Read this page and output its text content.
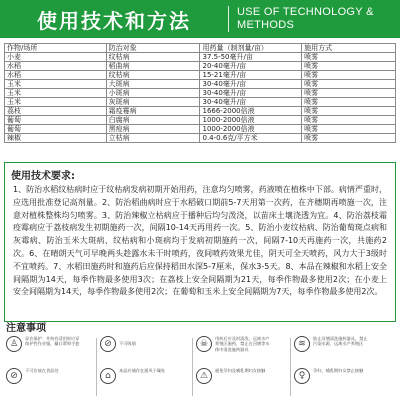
使用技术和方法	USE OF TECHNOLOGY &
METHODS
作物/场所	防治对象	用药量（制剂量/亩）	施用方式
小麦	纹枯病	37.5-50毫升/亩	喷雾
水稻	稻曲病	20-40毫升/亩	喷雾
水稻	纹枯病	15-21毫升/亩	喷雾
玉米	大斑病	30-40毫升/亩	喷雾
玉米	小斑病	30-40毫升/亩	喷雾
玉米	灰斑病	30-40毫升/亩	喷雾
荔枝	霜疫霉病	1666-2000倍液	喷雾
葡萄	白腐病	1000-2000倍液	喷雾
葡萄	黑痘病	1000-2000倍液	喷雾
辣椒	立枯病	0.4-0.6克/平方米	喷雾
使用技术要求:
1、防治水稻纹枯病时应于纹枯病发病初期开始用药，注意均匀喷雾，药液喷在植株中下部。病情严重时，应选用批准登记高剂量。2、防治稻曲病时应于水稻破口期前5-7天用第一次药，在齐穗期再喷施一次，注意对植株整株均匀喷雾。3、防治辣椒立枯病应于播种后均匀泼浇，以苗床土壤浇透为宜。4、防治荔枝霜疫霉病应于荔枝病发生初期施药一次，间隔10-14天再用药一次。5、防治小麦纹枯病、防治葡萄斑点病和灰霉病、防治玉米大斑病、纹枯病和小斑病均于发病初期施药一次，间隔7-10天再施药一次，共施药2次。6、在晴朗天气可早晚两头趁露水未干时喷药，夜间喷药效果尤佳，阴天可全天喷药，风力大于3级时不宜喷药。7、水稻田施药时和施药后应保持稻田水深5-7厘米，保水3-5天。8、本品在辣椒和水稻上安全间隔期为14天，每季作物最多使用3次；在荔枝上安全间隔期为21天，每季作物最多使用2次；在小麦上安全间隔期为14天，每季作物最多使用2次；在葡萄和玉米上安全间隔期为7天，每季作物最多使用2次。
注意事项
♙
穿农保护：并持有适用时应穿保护性作业服，戴口罩和手套	⊘	不可吸烟	☠
用药后应及时清洗，远离水产养殖区施药，禁止在河塘等水体中清洗施药器具
≋
防止河塘清洗施药器具，禁止污染水源，远离水产养殖区
⊘
不可存放在食品处
⌂
本品应储存在通风干燥处
⚠
避免孕妇及哺乳期妇女接触
♀
孕妇、哺乳期妇女禁止接触
